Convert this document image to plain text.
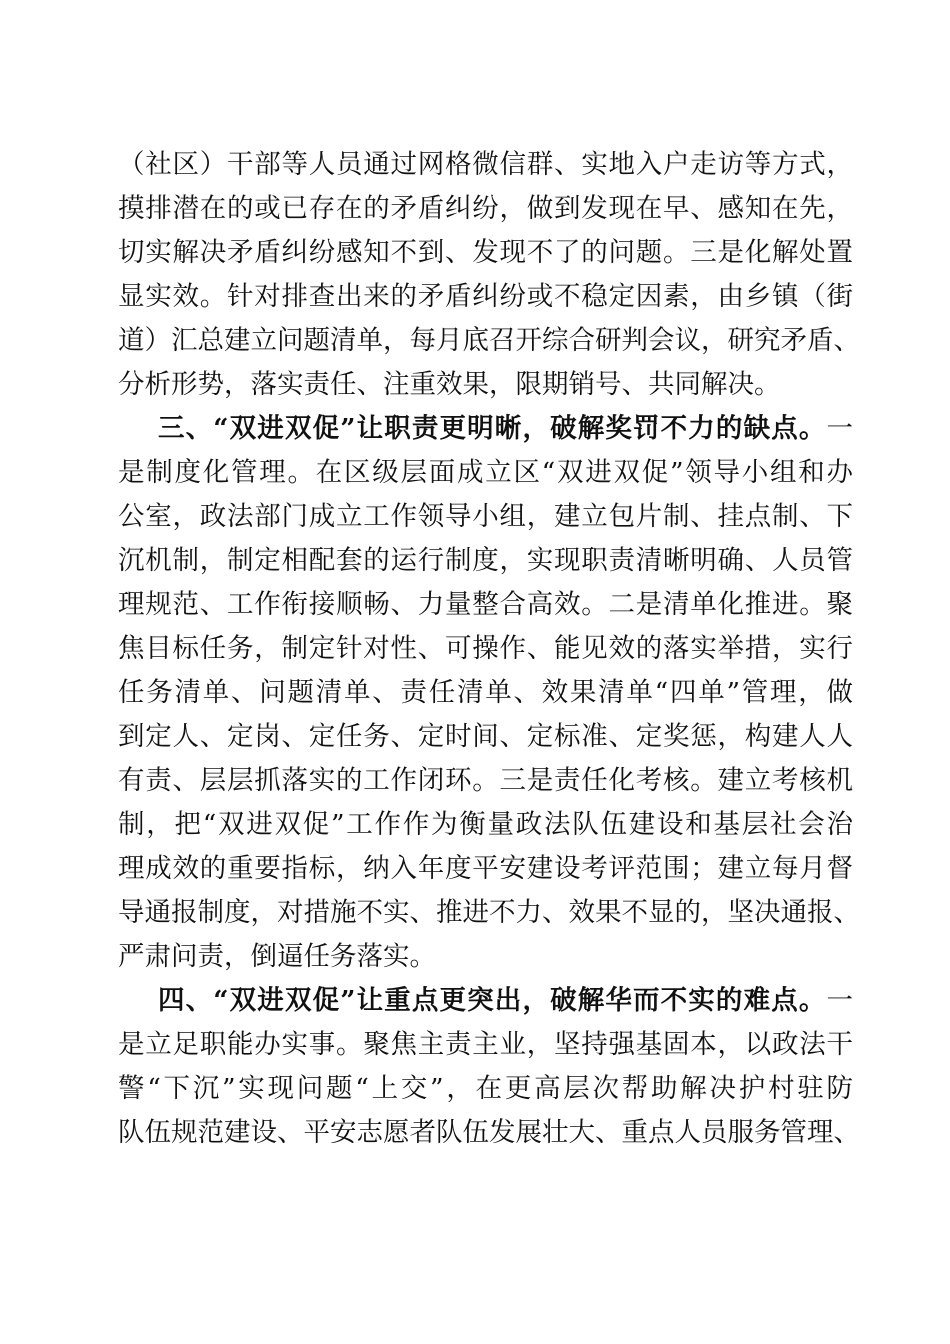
（社区）干部等人员通过网格微信群、实地入户走访等方式，
摸排潜在的或已存在的矛盾纠纷，做到发现在早、感知在先，
切实解决矛盾纠纷感知不到、发现不了的问题。三是化解处置
显实效。针对排查出来的矛盾纠纷或不稳定因素，由乡镇（街
道）汇总建立问题清单，每月底召开综合研判会议，研究矛盾、
分析形势，落实责任、注重效果，限期销号、共同解决。
三、“双进双促”让职责更明晰，破解奖罚不力的缺点。一
是制度化管理。在区级层面成立区“双进双促”领导小组和办
公室，政法部门成立工作领导小组，建立包片制、挂点制、下
沉机制，制定相配套的运行制度，实现职责清晰明确、人员管
理规范、工作衔接顺畅、力量整合高效。二是清单化推进。聚
焦目标任务，制定针对性、可操作、能见效的落实举措，实行
任务清单、问题清单、责任清单、效果清单“四单”管理，做
到定人、定岗、定任务、定时间、定标准、定奖惩，构建人人
有责、层层抓落实的工作闭环。三是责任化考核。建立考核机
制，把“双进双促”工作作为衡量政法队伍建设和基层社会治
理成效的重要指标，纳入年度平安建设考评范围；建立每月督
导通报制度，对措施不实、推进不力、效果不显的，坚决通报、
严肃问责，倒逼任务落实。
四、“双进双促”让重点更突出，破解华而不实的难点。一
是立足职能办实事。聚焦主责主业，坚持强基固本，以政法干
警“下沉”实现问题“上交”，在更高层次帮助解决护村驻防
队伍规范建设、平安志愿者队伍发展壮大、重点人员服务管理、
